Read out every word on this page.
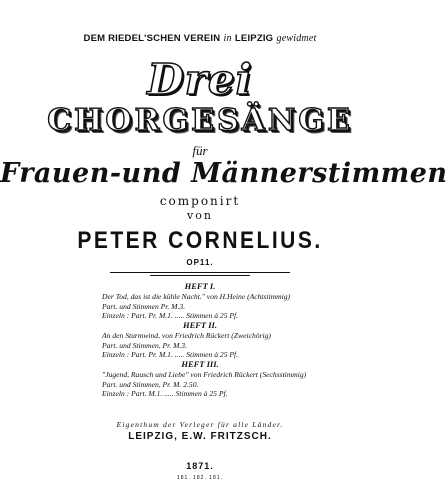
DEM RIEDEL'SCHEN VEREIN in LEIPZIG gewidmet
Drei
CHORGESÄNGE
für
Frauen-und Männerstimmen
componirt
von
PETER CORNELIUS.
OP11.
HEFT I.
Der Tod, das ist die kühle Nacht." von H.Heine (Achtstimmig)
Part. und Stimmen Pr. M.3.
Einzeln : Part. Pr. M.1. ..... Stimmen à 25 Pf.
HEFT II.
An den Sturmwind, von Friedrich Rückert (Zweichörig)
Part. und Stimmen, Pr. M.3.
Einzeln : Part. Pr. M.1. ..... Stimmen à 25 Pf.
HEFT III.
"Jugend, Rausch und Liebe" von Friedrich Rückert (Sechsstimmig)
Part. und Stimmen, Pr. M. 2.50.
Einzeln : Part. M.1. ..... Stimmen à 25 Pf.
Eigenthum der Verleger für alle Länder.
LEIPZIG, E.W. FRITZSCH.
1871.
181. 182. 181.
